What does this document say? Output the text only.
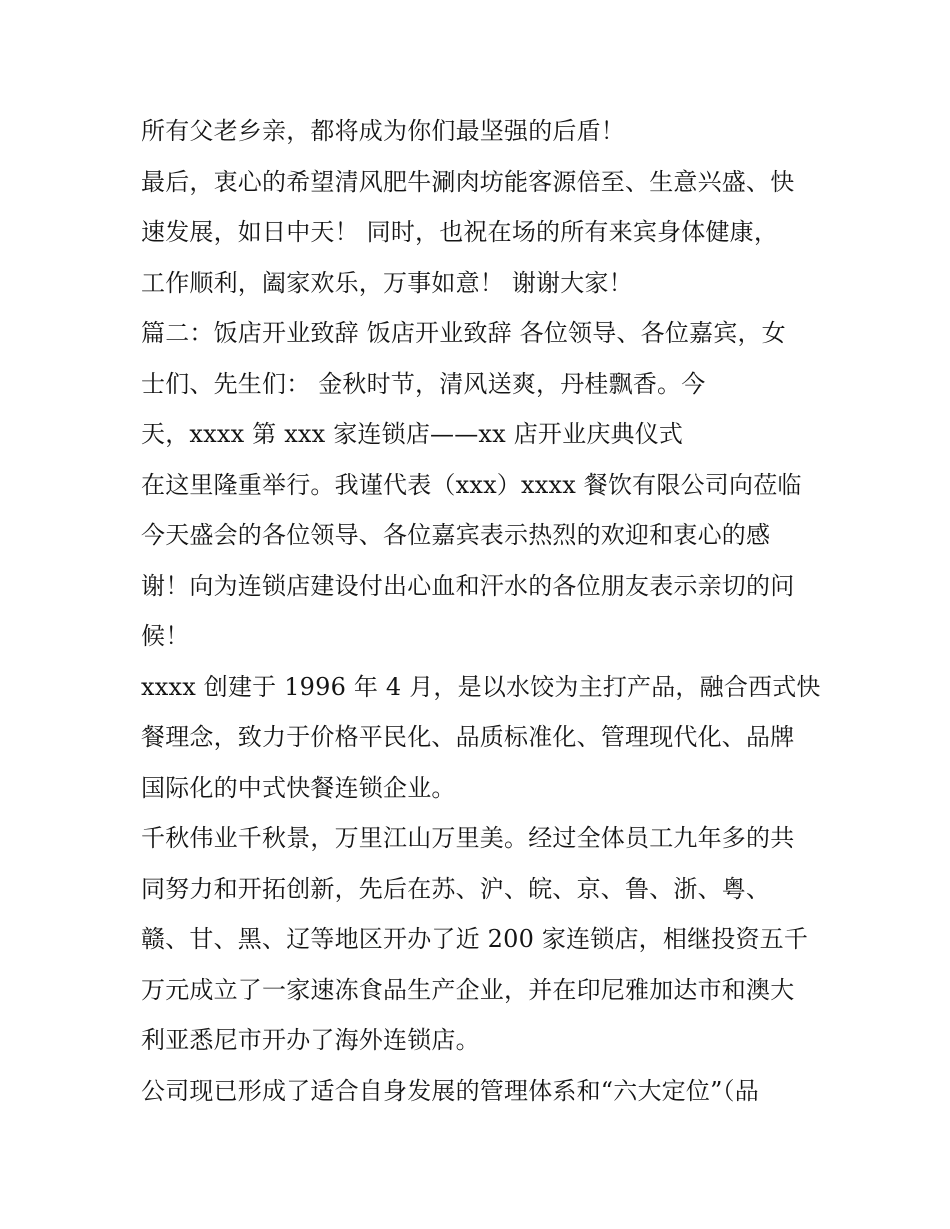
所有父老乡亲，都将成为你们最坚强的后盾！
最后，衷心的希望清风肥牛涮肉坊能客源倍至、生意兴盛、快
速发展，如日中天！ 同时，也祝在场的所有来宾身体健康，
工作顺利，阖家欢乐，万事如意！ 谢谢大家！
篇二：饭店开业致辞 饭店开业致辞 各位领导、各位嘉宾，女
士们、先生们： 金秋时节，清风送爽，丹桂飘香。今
天，xxxx 第 xxx 家连锁店——xx 店开业庆典仪式
在这里隆重举行。我谨代表（xxx）xxxx 餐饮有限公司向莅临
今天盛会的各位领导、各位嘉宾表示热烈的欢迎和衷心的感
谢！向为连锁店建设付出心血和汗水的各位朋友表示亲切的问
候！
xxxx 创建于 1996 年 4 月，是以水饺为主打产品，融合西式快
餐理念，致力于价格平民化、品质标准化、管理现代化、品牌
国际化的中式快餐连锁企业。
千秋伟业千秋景，万里江山万里美。经过全体员工九年多的共
同努力和开拓创新，先后在苏、沪、皖、京、鲁、浙、粤、
赣、甘、黑、辽等地区开办了近 200 家连锁店，相继投资五千
万元成立了一家速冻食品生产企业，并在印尼雅加达市和澳大
利亚悉尼市开办了海外连锁店。
公司现已形成了适合自身发展的管理体系和“六大定位”（品
